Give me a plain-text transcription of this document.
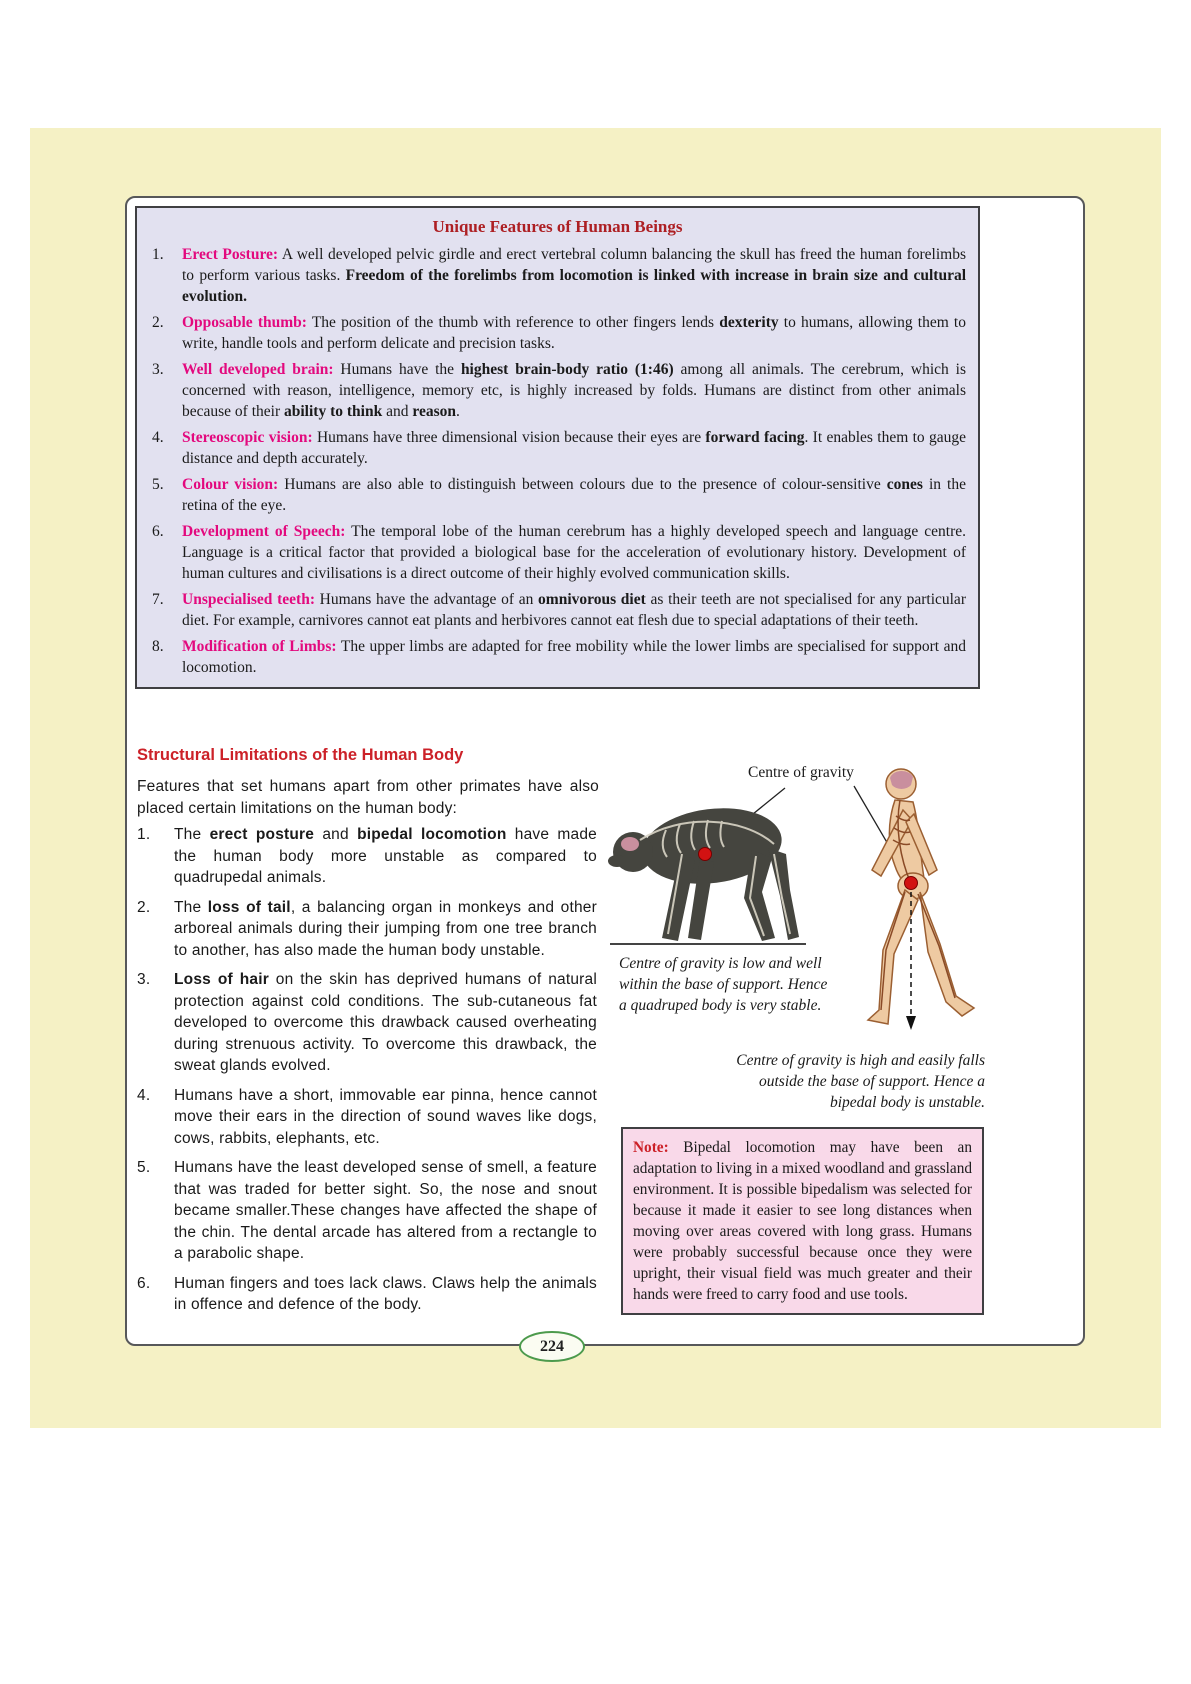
Unique Features of Human Beings
1.	Erect Posture: A well developed pelvic girdle and erect vertebral column balancing the skull has freed the human forelimbs to perform various tasks. Freedom of the forelimbs from locomotion is linked with increase in brain size and cultural evolution.
2.	Opposable thumb: The position of the thumb with reference to other fingers lends dexterity to humans, allowing them to write, handle tools and perform delicate and precision tasks.
3.	Well developed brain: Humans have the highest brain-body ratio (1:46) among all animals. The cerebrum, which is concerned with reason, intelligence, memory etc, is highly increased by folds. Humans are distinct from other animals because of their ability to think and reason.
4.	Stereoscopic vision: Humans have three dimensional vision because their eyes are forward facing. It enables them to gauge distance and depth accurately.
5.	Colour vision: Humans are also able to distinguish between colours due to the presence of colour-sensitive cones in the retina of the eye.
6.	Development of Speech: The temporal lobe of the human cerebrum has a highly developed speech and language centre. Language is a critical factor that provided a biological base for the acceleration of evolutionary history. Development of human cultures and civilisations is a direct outcome of their highly evolved communication skills.
7.	Unspecialised teeth: Humans have the advantage of an omnivorous diet as their teeth are not specialised for any particular diet. For example, carnivores cannot eat plants and herbivores cannot eat flesh due to special adaptations of their teeth.
8.	Modification of Limbs: The upper limbs are adapted for free mobility while the lower limbs are specialised for support and locomotion.
Structural Limitations of the Human Body
Features that set humans apart from other primates have also placed certain limitations on the human body:
1.	The erect posture and bipedal locomotion have made the human body more unstable as compared to quadrupedal animals.
2.	The loss of tail, a balancing organ in monkeys and other arboreal animals during their jumping from one tree branch to another, has also made the human body unstable.
3.	Loss of hair on the skin has deprived humans of natural protection against cold conditions. The sub-cutaneous fat developed to overcome this drawback caused overheating during strenuous activity. To overcome this drawback, the sweat glands evolved.
4.	Humans have a short, immovable ear pinna, hence cannot move their ears in the direction of sound waves like dogs, cows, rabbits, elephants, etc.
5.	Humans have the least developed sense of smell, a feature that was traded for better sight. So, the nose and snout became smaller.These changes have affected the shape of the chin. The dental arcade has altered from a rectangle to a parabolic shape.
6.	Human fingers and toes lack claws. Claws help the animals in offence and defence of the body.
Centre of gravity
Centre of gravity is low and well within the base of support. Hence a quadruped body is very stable.
Centre of gravity is high and easily falls outside the base of support. Hence a bipedal body is unstable.
Note: Bipedal locomotion may have been an adaptation to living in a mixed woodland and grassland environment. It is possible bipedalism was selected for because it made it easier to see long distances when moving over areas covered with long grass. Humans were probably successful because once they were upright, their visual field was much greater and their hands were freed to carry food and use tools.
224
